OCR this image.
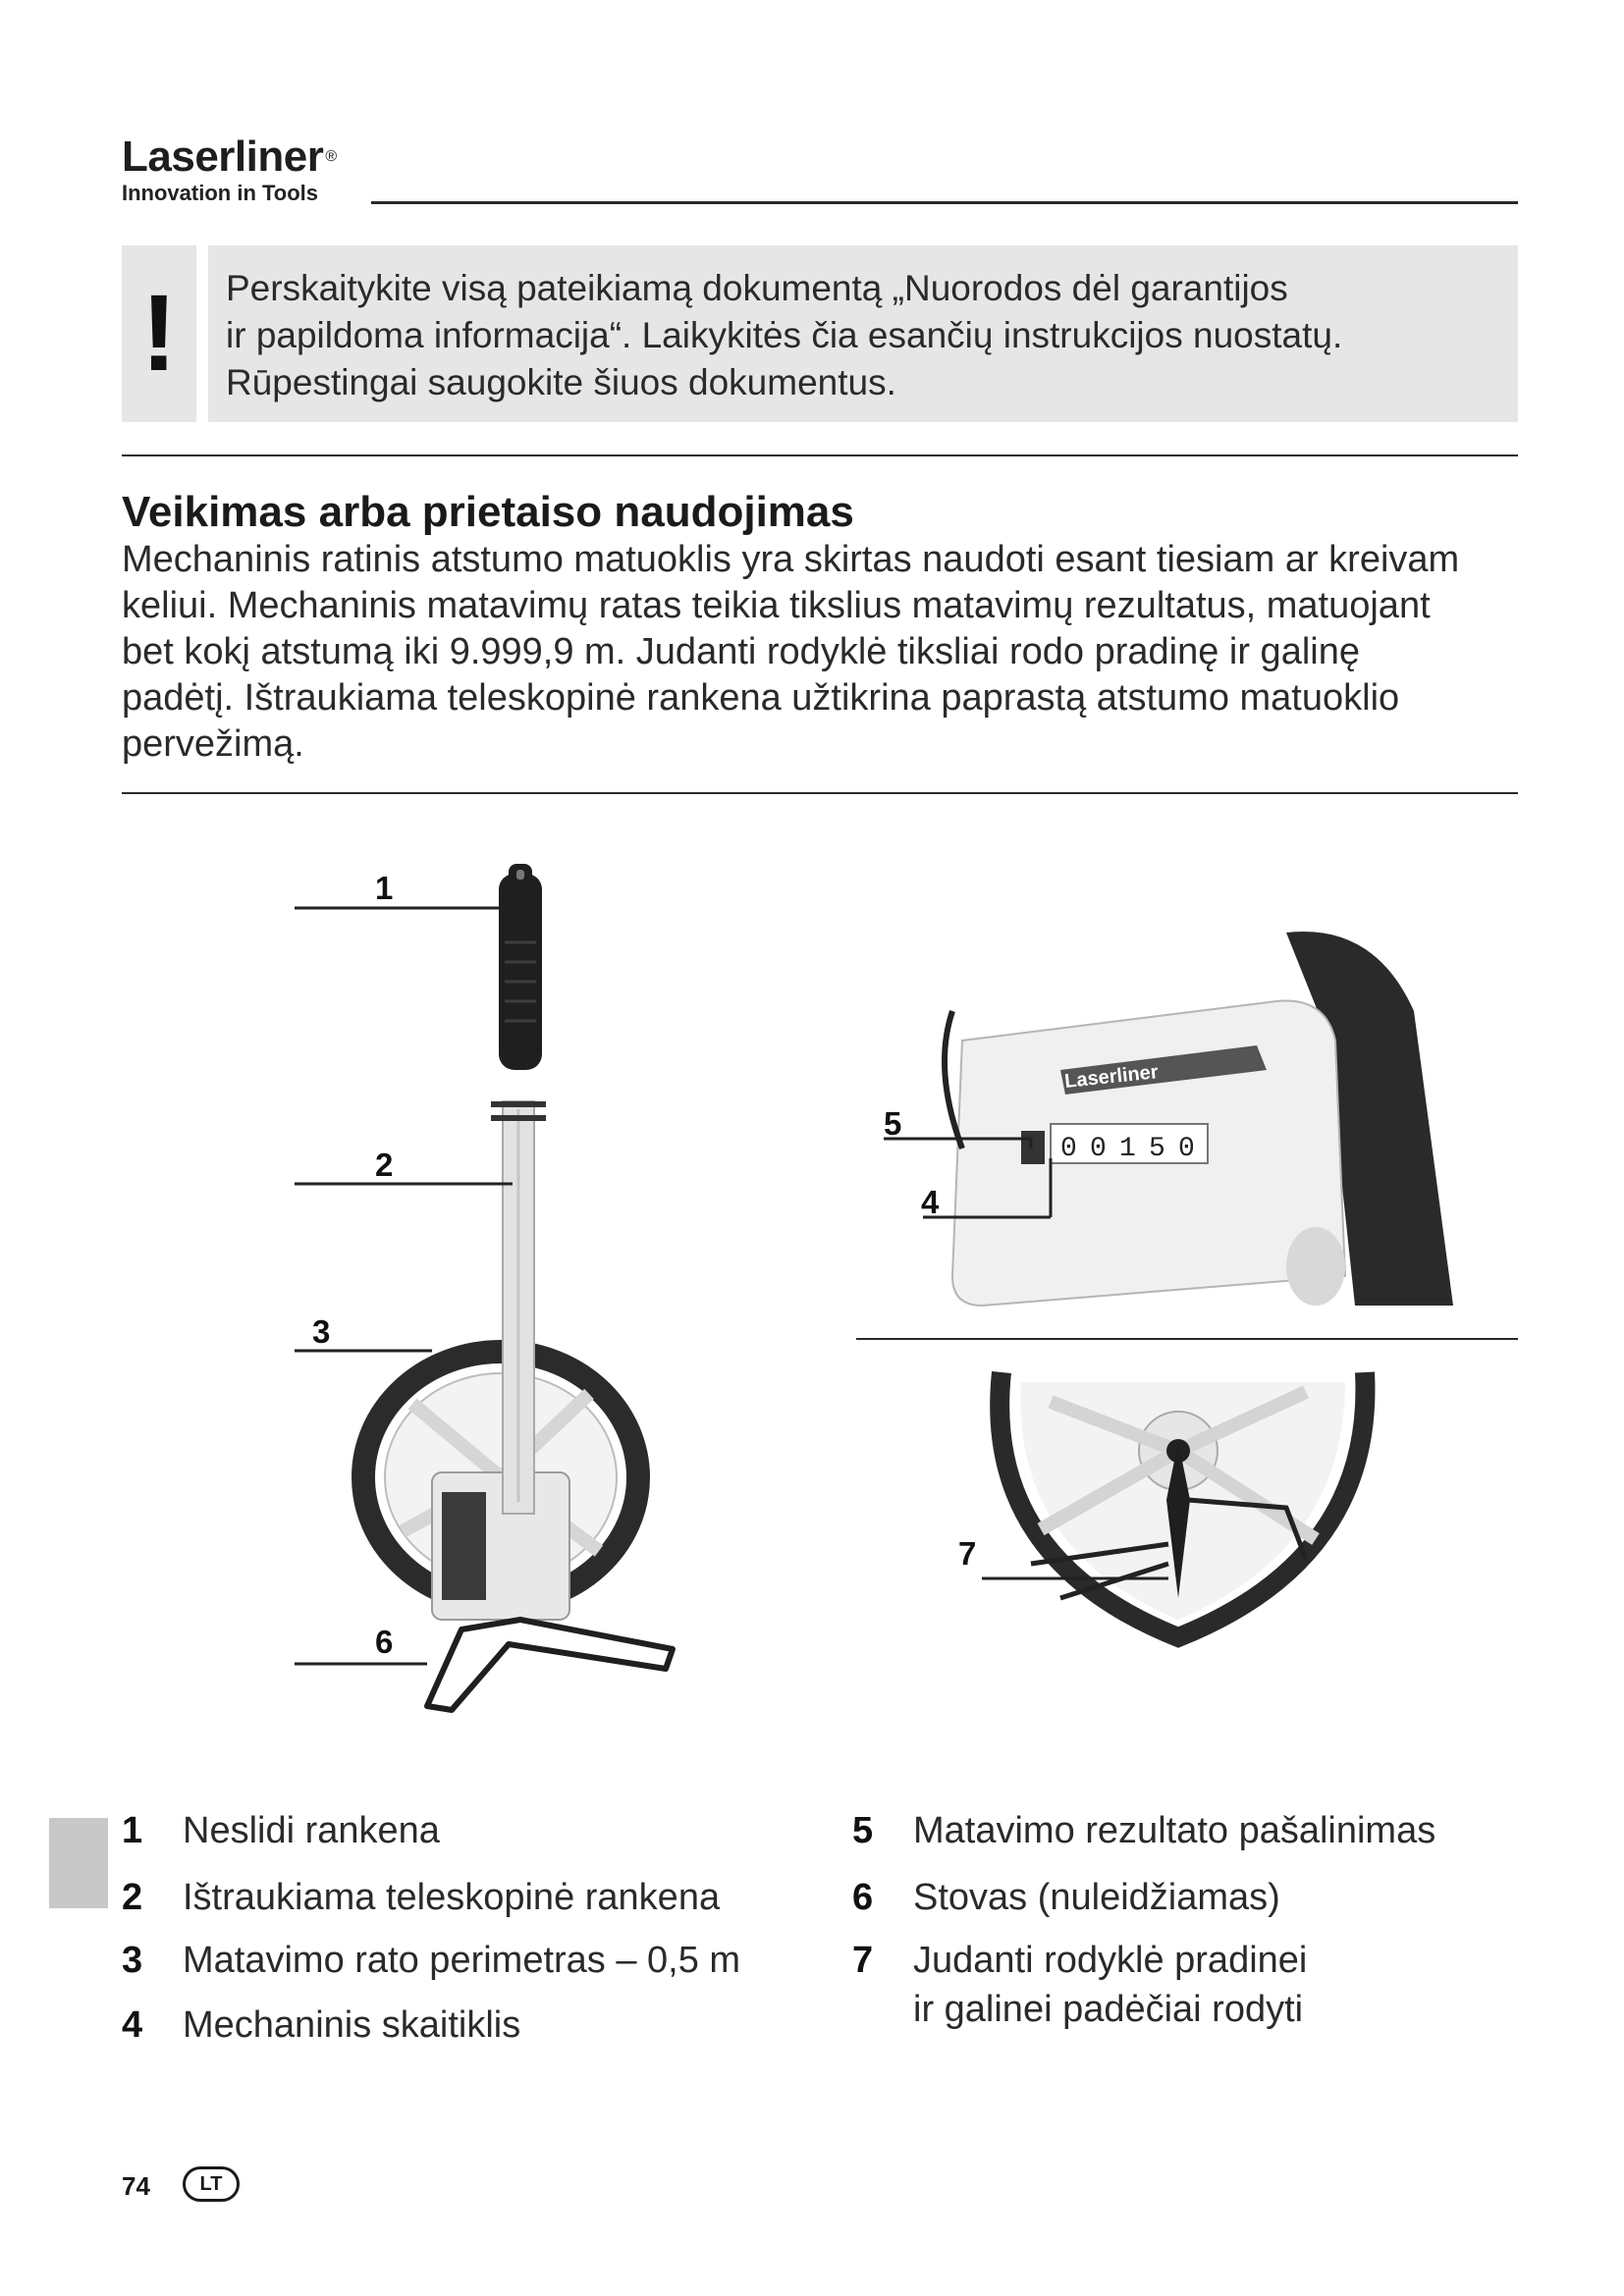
Laserliner ®
Innovation in Tools
!	Perskaitykite visą pateikiamą dokumentą „Nuorodos dėl garantijos
ir papildoma informacija“. Laikykitės čia esančių instrukcijos nuostatų.
Rūpestingai saugokite šiuos dokumentus.
Veikimas arba prietaiso naudojimas
Mechaninis ratinis atstumo matuoklis yra skirtas naudoti esant tiesiam ar kreivam
keliui. Mechaninis matavimų ratas teikia tikslius matavimų rezultatus, matuojant
bet kokį atstumą iki 9.999,9 m. Judanti rodyklė tiksliai rodo pradinę ir galinę
padėtį. Ištraukiama teleskopinė rankena užtikrina paprastą atstumo matuoklio
pervežimą.
Laserliner
0 0 1 5 0
1
2
3
4
5
6
7
1 Neslidi rankena
2 Ištraukiama teleskopinė rankena
3 Matavimo rato perimetras – 0,5 m
4 Mechaninis skaitiklis
5 Matavimo rezultato pašalinimas
6 Stovas (nuleidžiamas)
7 Judanti rodyklė pradinei
ir galinei padėčiai rodyti
74	LT
